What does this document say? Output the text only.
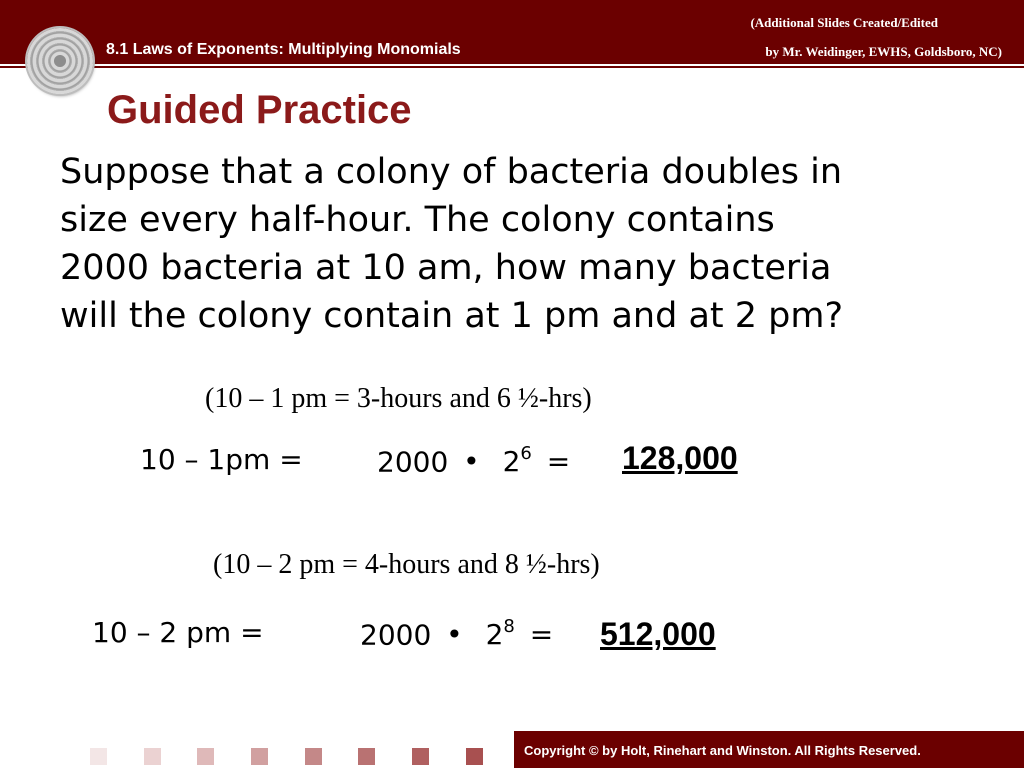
8.1 Laws of Exponents: Multiplying Monomials
(Additional Slides Created/Edited
by Mr. Weidinger, EWHS, Goldsboro, NC)
Guided Practice
Suppose that a colony of bacteria doubles in
size every half-hour. The colony contains
2000 bacteria at 10 am, how many bacteria
will the colony contain at 1 pm and at 2 pm?
(10 – 1 pm = 3-hours and 6 ½-hrs)
10 – 1pm =	2000 • $2^6 = 128,000$
(10 – 2 pm = 4-hours and 8 ½-hrs)
10 – 2 pm =	2000 • $2^8 = 512,000$
Copyright © by Holt, Rinehart and Winston. All Rights Reserved.
